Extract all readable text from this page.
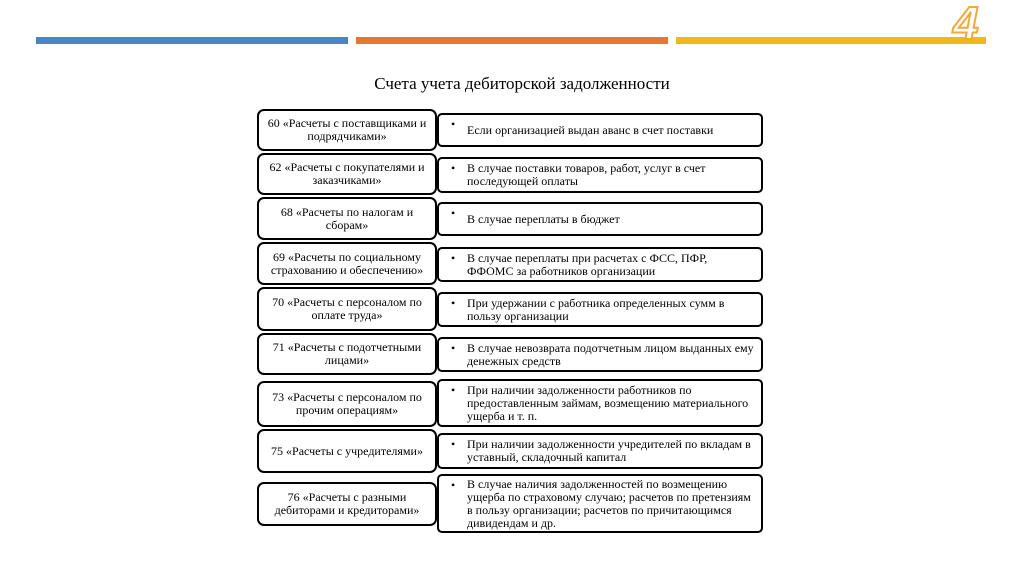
4
Счета учета дебиторской задолженности
60 «Расчеты с поставщиками и подрядчиками»
• Если организацией выдан аванс в счет поставки
62 «Расчеты с покупателями и заказчиками»
• В случае поставки товаров, работ, услуг в счет последующей оплаты
68 «Расчеты по налогам и сборам»
• В случае переплаты в бюджет
69 «Расчеты по социальному страхованию и обеспечению»
• В случае переплаты при расчетах с ФСС, ПФР, ФФОМС за работников организации
70 «Расчеты с персоналом по оплате труда»
• При удержании с работника определенных сумм в пользу организации
71 «Расчеты с подотчетными лицами»
• В случае невозврата подотчетным лицом выданных ему денежных средств
73 «Расчеты с персоналом по прочим операциям»
• При наличии задолженности работников по предоставленным займам, возмещению материального ущерба и т. п.
75 «Расчеты с учредителями»	• При наличии задолженности учредителей по вкладам в уставный, складочный капитал
76 «Расчеты с разными дебиторами и кредиторами»
• В случае наличия задолженностей по возмещению ущерба по страховому случаю; расчетов по претензиям в пользу организации; расчетов по причитающимся дивидендам и др.
